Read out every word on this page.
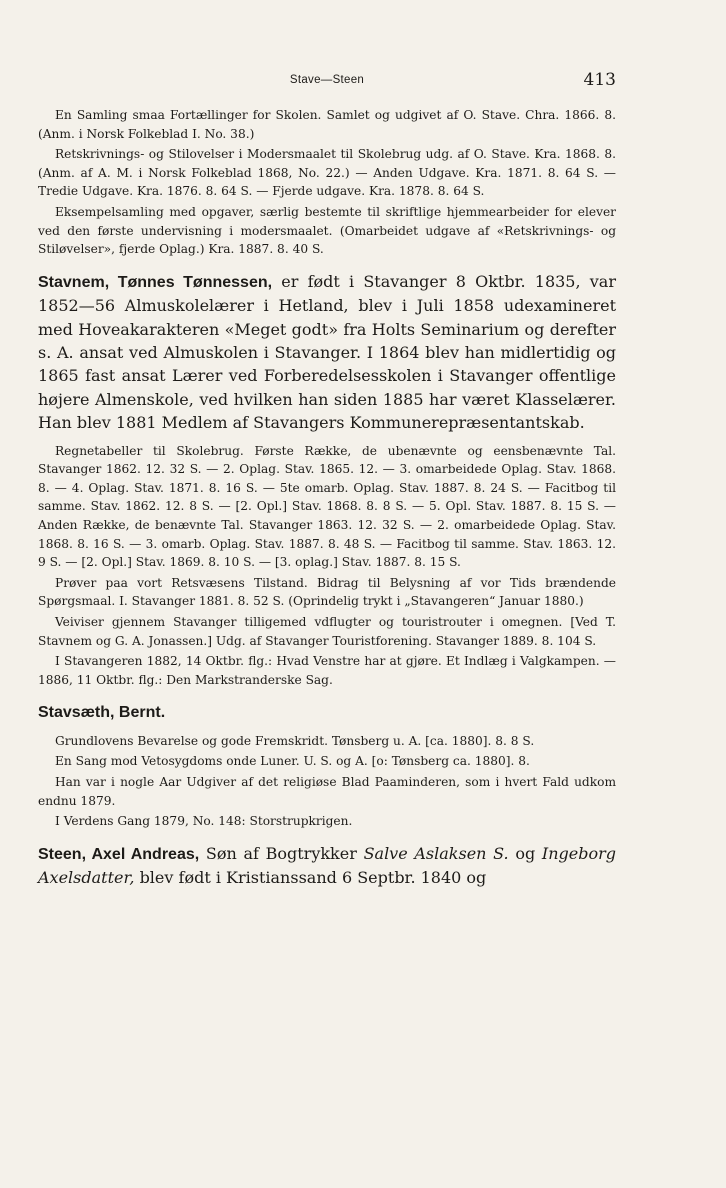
Stave—Steen	413

En Samling smaa Fortællinger for Skolen. Samlet og udgivet af O. Stave. Chra. 1866. 8. (Anm. i Norsk Folkeblad I. No. 38.)

Retskrivnings- og Stilovelser i Modersmaalet til Skolebrug udg. af O. Stave. Kra. 1868. 8. (Anm. af A. M. i Norsk Folkeblad 1868, No. 22.) — Anden Udgave. Kra. 1871. 8. 64 S. — Tredie Udgave. Kra. 1876. 8. 64 S. — Fjerde udgave. Kra. 1878. 8. 64 S.

Eksempelsamling med opgaver, særlig bestemte til skriftlige hjemmearbeider for elever ved den første undervisning i modersmaalet. (Omarbeidet udgave af «Retskrivnings- og Stiløvelser», fjerde Oplag.) Kra. 1887. 8. 40 S.

Stavnem, Tønnes Tønnessen, er født i Stavanger 8 Oktbr. 1835, var 1852—56 Almuskolelærer i Hetland, blev i Juli 1858 udexamineret med Hoveakarakteren «Meget godt» fra Holts Seminarium og derefter s. A. ansat ved Almuskolen i Stavanger. I 1864 blev han midlertidig og 1865 fast ansat Lærer ved Forberedelsesskolen i Stavanger offentlige højere Almenskole, ved hvilken han siden 1885 har været Klasselærer. Han blev 1881 Medlem af Stavangers Kommunerepræsentantskab.

Regnetabeller til Skolebrug. Første Række, de ubenævnte og eensbenævnte Tal. Stavanger 1862. 12. 32 S. — 2. Oplag. Stav. 1865. 12. — 3. omarbeidede Oplag. Stav. 1868. 8. — 4. Oplag. Stav. 1871. 8. 16 S. — 5te omarb. Oplag. Stav. 1887. 8. 24 S. — Facitbog til samme. Stav. 1862. 12. 8 S. — [2. Opl.] Stav. 1868. 8. 8 S. — 5. Opl. Stav. 1887. 8. 15 S. — Anden Række, de benævnte Tal. Stavanger 1863. 12. 32 S. — 2. omarbeidede Oplag. Stav. 1868. 8. 16 S. — 3. omarb. Oplag. Stav. 1887. 8. 48 S. — Facitbog til samme. Stav. 1863. 12. 9 S. — [2. Opl.] Stav. 1869. 8. 10 S. — [3. oplag.] Stav. 1887. 8. 15 S.

Prøver paa vort Retsvæsens Tilstand. Bidrag til Belysning af vor Tids brændende Spørgsmaal. I. Stavanger 1881. 8. 52 S. (Oprindelig trykt i „Stavangeren“ Januar 1880.)

Veiviser gjennem Stavanger tilligemed vdflugter og touristrouter i omegnen. [Ved T. Stavnem og G. A. Jonassen.] Udg. af Stavanger Touristforening. Stavanger 1889. 8. 104 S.

I Stavangeren 1882, 14 Oktbr. flg.: Hvad Venstre har at gjøre. Et Indlæg i Valgkampen. — 1886, 11 Oktbr. flg.: Den Markstranderske Sag.

Stavsæth, Bernt.

Grundlovens Bevarelse og gode Fremskridt. Tønsberg u. A. [ca. 1880]. 8. 8 S.

En Sang mod Vetosygdoms onde Luner. U. S. og A. [o: Tønsberg ca. 1880]. 8.

Han var i nogle Aar Udgiver af det religiøse Blad Paaminderen, som i hvert Fald udkom endnu 1879.

I Verdens Gang 1879, No. 148: Storstrupkrigen.

Steen, Axel Andreas, Søn af Bogtrykker Salve Aslaksen S. og Ingeborg Axelsdatter, blev født i Kristianssand 6 Septbr. 1840 og
